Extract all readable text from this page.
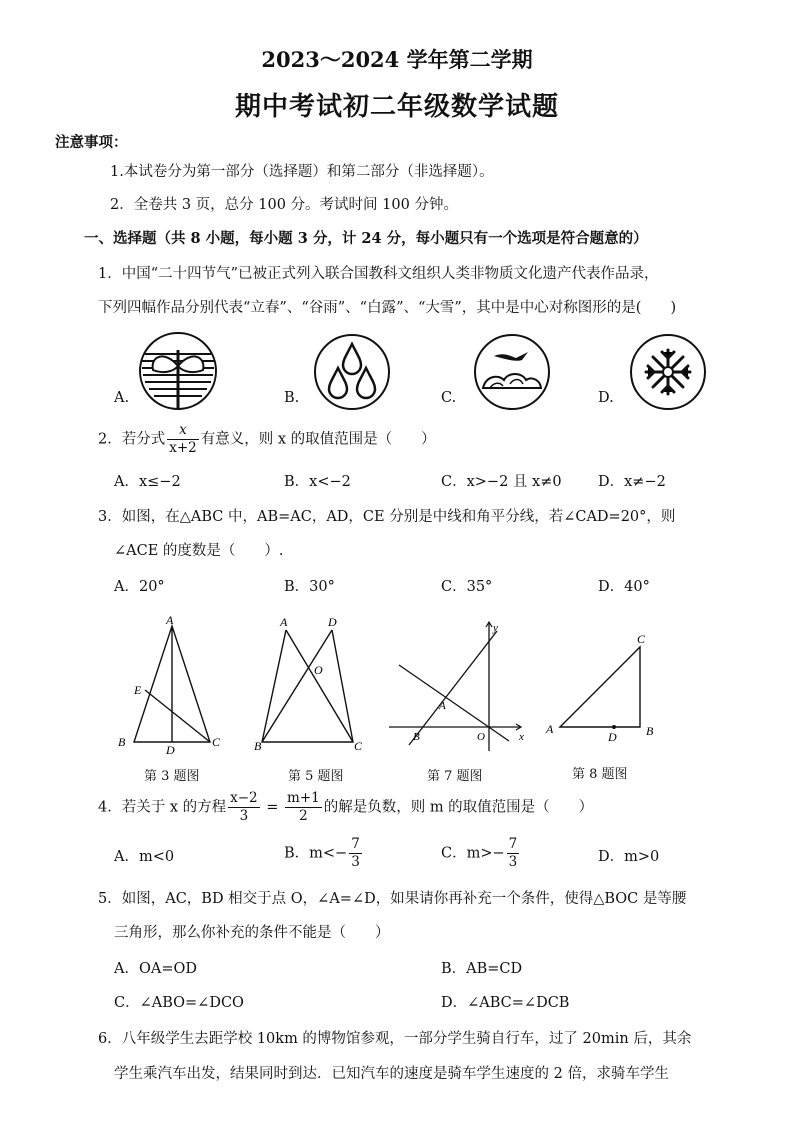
2023～2024 学年第二学期
期中考试初二年级数学试题
注意事项：
1.本试卷分为第一部分（选择题）和第二部分（非选择题）。
2．全卷共 3 页，总分 100 分。考试时间 100 分钟。
一、选择题（共 8 小题，每小题 3 分，计 24 分，每小题只有一个选项是符合题意的）
1．中国“二十四节气”已被正式列入联合国教科文组织人类非物质文化遗产代表作品录，
下列四幅作品分别代表“立春”、“谷雨”、“白露”、“大雪”，其中是中心对称图形的是(　　)
A.	B.	C.	D.
2．若分式 $\frac{x}{x+2}$ 有意义，则 x 的取值范围是（　　）
A．x≤−2	B．x<−2	C．x>−2 且 x≠0	D．x≠−2
3．如图，在△ABC 中，AB=AC，AD，CE 分别是中线和角平分线，若∠CAD=20°，则
∠ACE 的度数是（　　）.
A．20°	B．30°	C．35°	D．40°
A
E
B
D
C
A	D
O
B	C
y
A
B	O	x
C
A
D B
第 3 题图	第 5 题图	第 7 题图	第 8 题图
4．若关于 x 的方程 $\frac{x-2}{3} = \frac{m+1}{2}$ 的解是负数，则 m 的取值范围是（　　）
A．m<0	B．$m<- \frac{7}{3}$	C．$m>- \frac{7}{3}$	D．m>0
5．如图，AC，BD 相交于点 O，∠A=∠D，如果请你再补充一个条件，使得△BOC 是等腰
三角形，那么你补充的条件不能是（　　）
A．OA=OD	B．AB=CD
C．∠ABO=∠DCO	D．∠ABC=∠DCB
6．八年级学生去距学校 10km 的博物馆参观，一部分学生骑自行车，过了 20min 后，其余
学生乘汽车出发，结果同时到达．已知汽车的速度是骑车学生速度的 2 倍，求骑车学生
